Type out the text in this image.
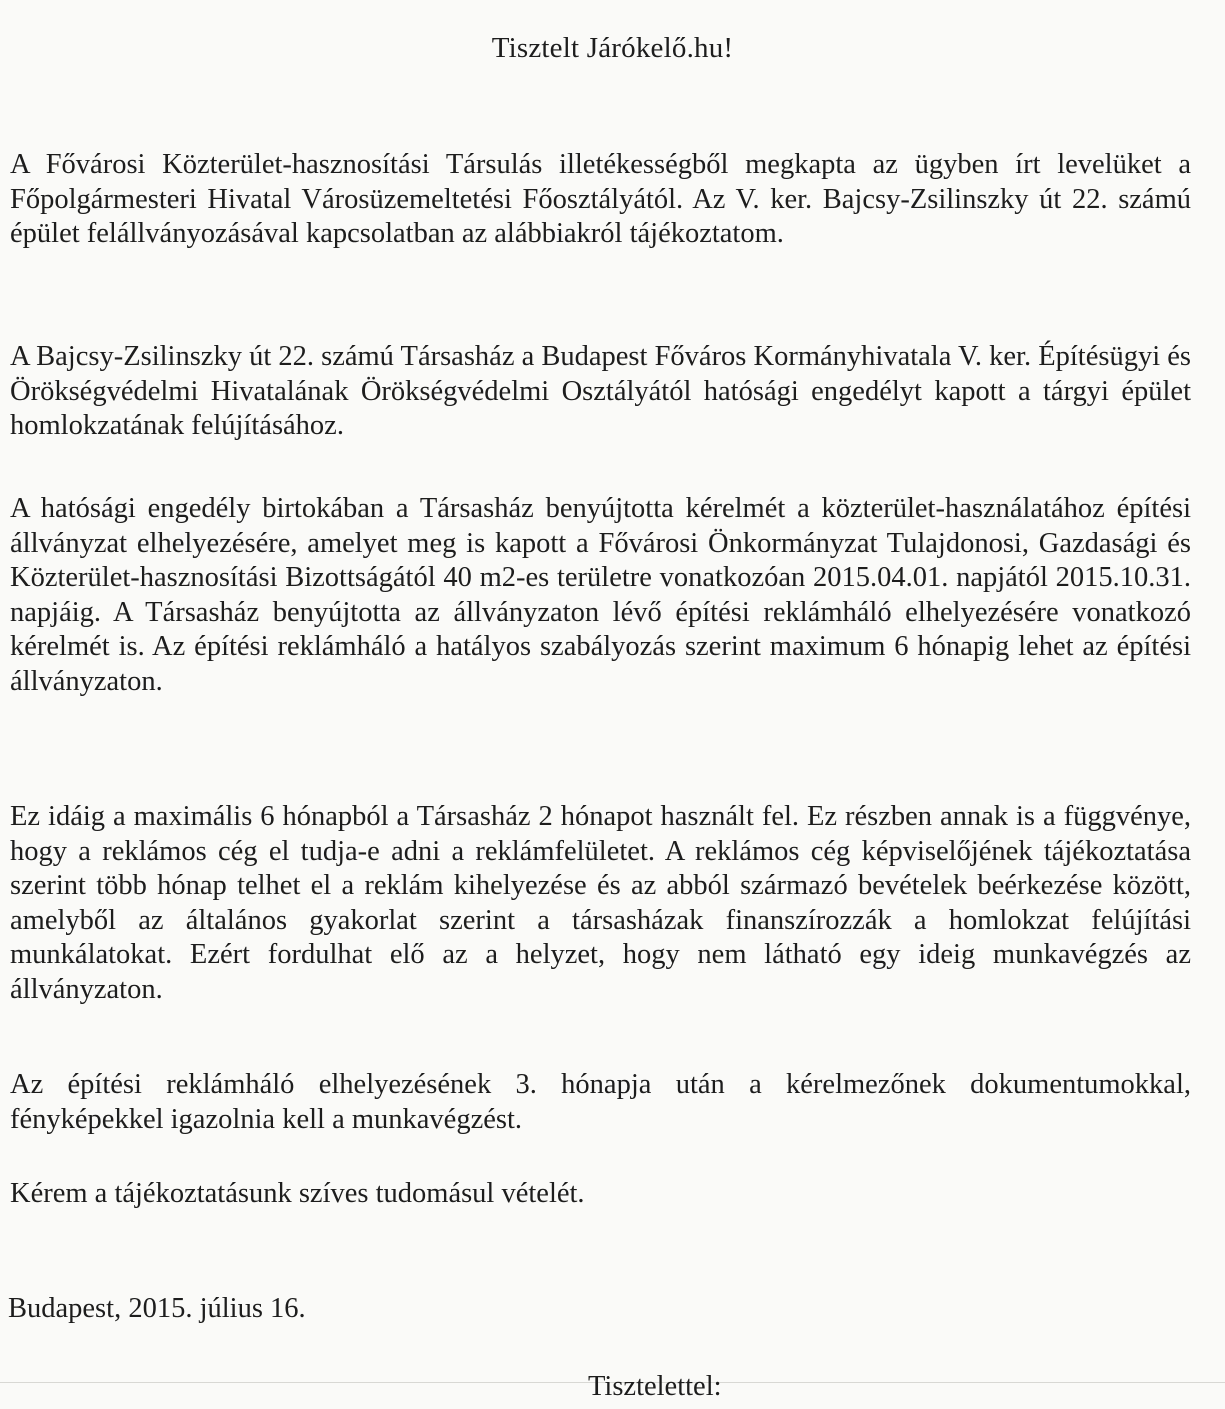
Tisztelt Járókelő.hu!

A Fővárosi Közterület-hasznosítási Társulás illetékességből megkapta az ügyben írt levelüket a Főpolgármesteri Hivatal Városüzemeltetési Főosztályától. Az V. ker. Bajcsy-Zsilinszky út 22. számú épület felállványozásával kapcsolatban az alábbiakról tájékoztatom.

A Bajcsy-Zsilinszky út 22. számú Társasház a Budapest Főváros Kormányhivatala V. ker. Építésügyi és Örökségvédelmi Hivatalának Örökségvédelmi Osztályától hatósági engedélyt kapott a tárgyi épület homlokzatának felújításához.

A hatósági engedély birtokában a Társasház benyújtotta kérelmét a közterület-használatához építési állványzat elhelyezésére, amelyet meg is kapott a Fővárosi Önkormányzat Tulajdonosi, Gazdasági és Közterület-hasznosítási Bizottságától 40 m2-es területre vonatkozóan 2015.04.01. napjától 2015.10.31. napjáig. A Társasház benyújtotta az állványzaton lévő építési reklámháló elhelyezésére vonatkozó kérelmét is. Az építési reklámháló a hatályos szabályozás szerint maximum 6 hónapig lehet az építési állványzaton.

Ez idáig a maximális 6 hónapból a Társasház 2 hónapot használt fel. Ez részben annak is a függvénye, hogy a reklámos cég el tudja-e adni a reklámfelületet. A reklámos cég képviselőjének tájékoztatása szerint több hónap telhet el a reklám kihelyezése és az abból származó bevételek beérkezése között, amelyből az általános gyakorlat szerint a társasházak finanszírozzák a homlokzat felújítási munkálatokat. Ezért fordulhat elő az a helyzet, hogy nem látható egy ideig munkavégzés az állványzaton.

Az építési reklámháló elhelyezésének 3. hónapja után a kérelmezőnek dokumentumokkal, fényképekkel igazolnia kell a munkavégzést.

Kérem a tájékoztatásunk szíves tudomásul vételét.

Budapest, 2015. július 16.
Tisztelettel:
